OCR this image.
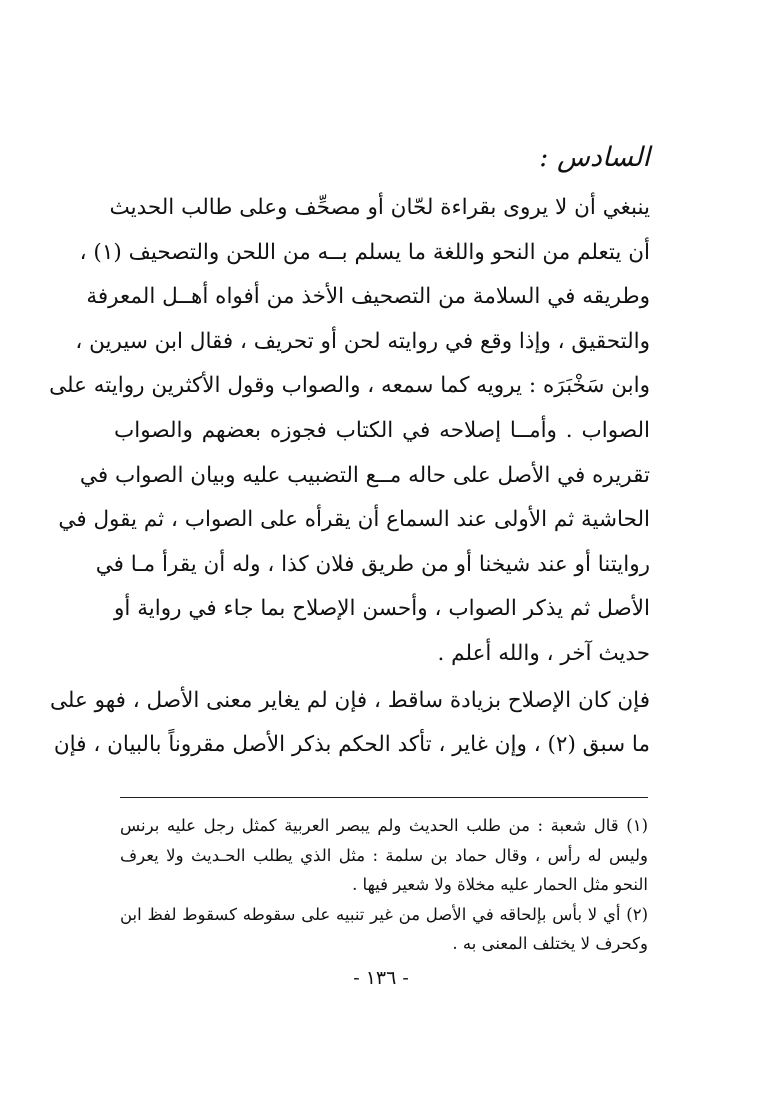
السادس :
ينبغي أن لا يروى بقراءة لحّان أو مصحِّف وعلى طالب الحديث
أن يتعلم من النحو واللغة ما يسلم بــه من اللحن والتصحيف (١) ،
وطريقه في السلامة من التصحيف الأخذ من أفواه أهــل المعرفة
والتحقيق ، وإذا وقع في روايته لحن أو تحريف ، فقال ابن سيرين ،
وابن سَخْبَرَه : يرويه كما سمعه ، والصواب وقول الأكثرين روايته على
الصواب . وأمــا إصلاحه في الكتاب فجوزه بعضهم والصواب
تقريره في الأصل على حاله مــع التضبيب عليه وبيان الصواب في
الحاشية ثم الأولى عند السماع أن يقرأه على الصواب ، ثم يقول في
روايتنا أو عند شيخنا أو من طريق فلان كذا ، وله أن يقرأ مـا في
الأصل ثم يذكر الصواب ، وأحسن الإصلاح بما جاء في رواية أو
حديث آخر ، والله أعلم .
فإن كان الإصلاح بزيادة ساقط ، فإن لم يغاير معنى الأصل ، فهو على
ما سبق (٢) ، وإن غاير ، تأكد الحكم بذكر الأصل مقروناً بالبيان ، فإن
(١) قال شعبة : من طلب الحديث ولم يبصر العربية كمثل رجل عليه برنس
وليس له رأس ، وقال حماد بن سلمة : مثل الذي يطلب الحـديث ولا يعرف
النحو مثل الحمار عليه مخلاة ولا شعير فيها .
(٢) أي لا بأس بإلحاقه في الأصل من غير تنبيه على سقوطه كسقوط لفظ ابن
وكحرف لا يختلف المعنى به .
- ١٣٦ -
